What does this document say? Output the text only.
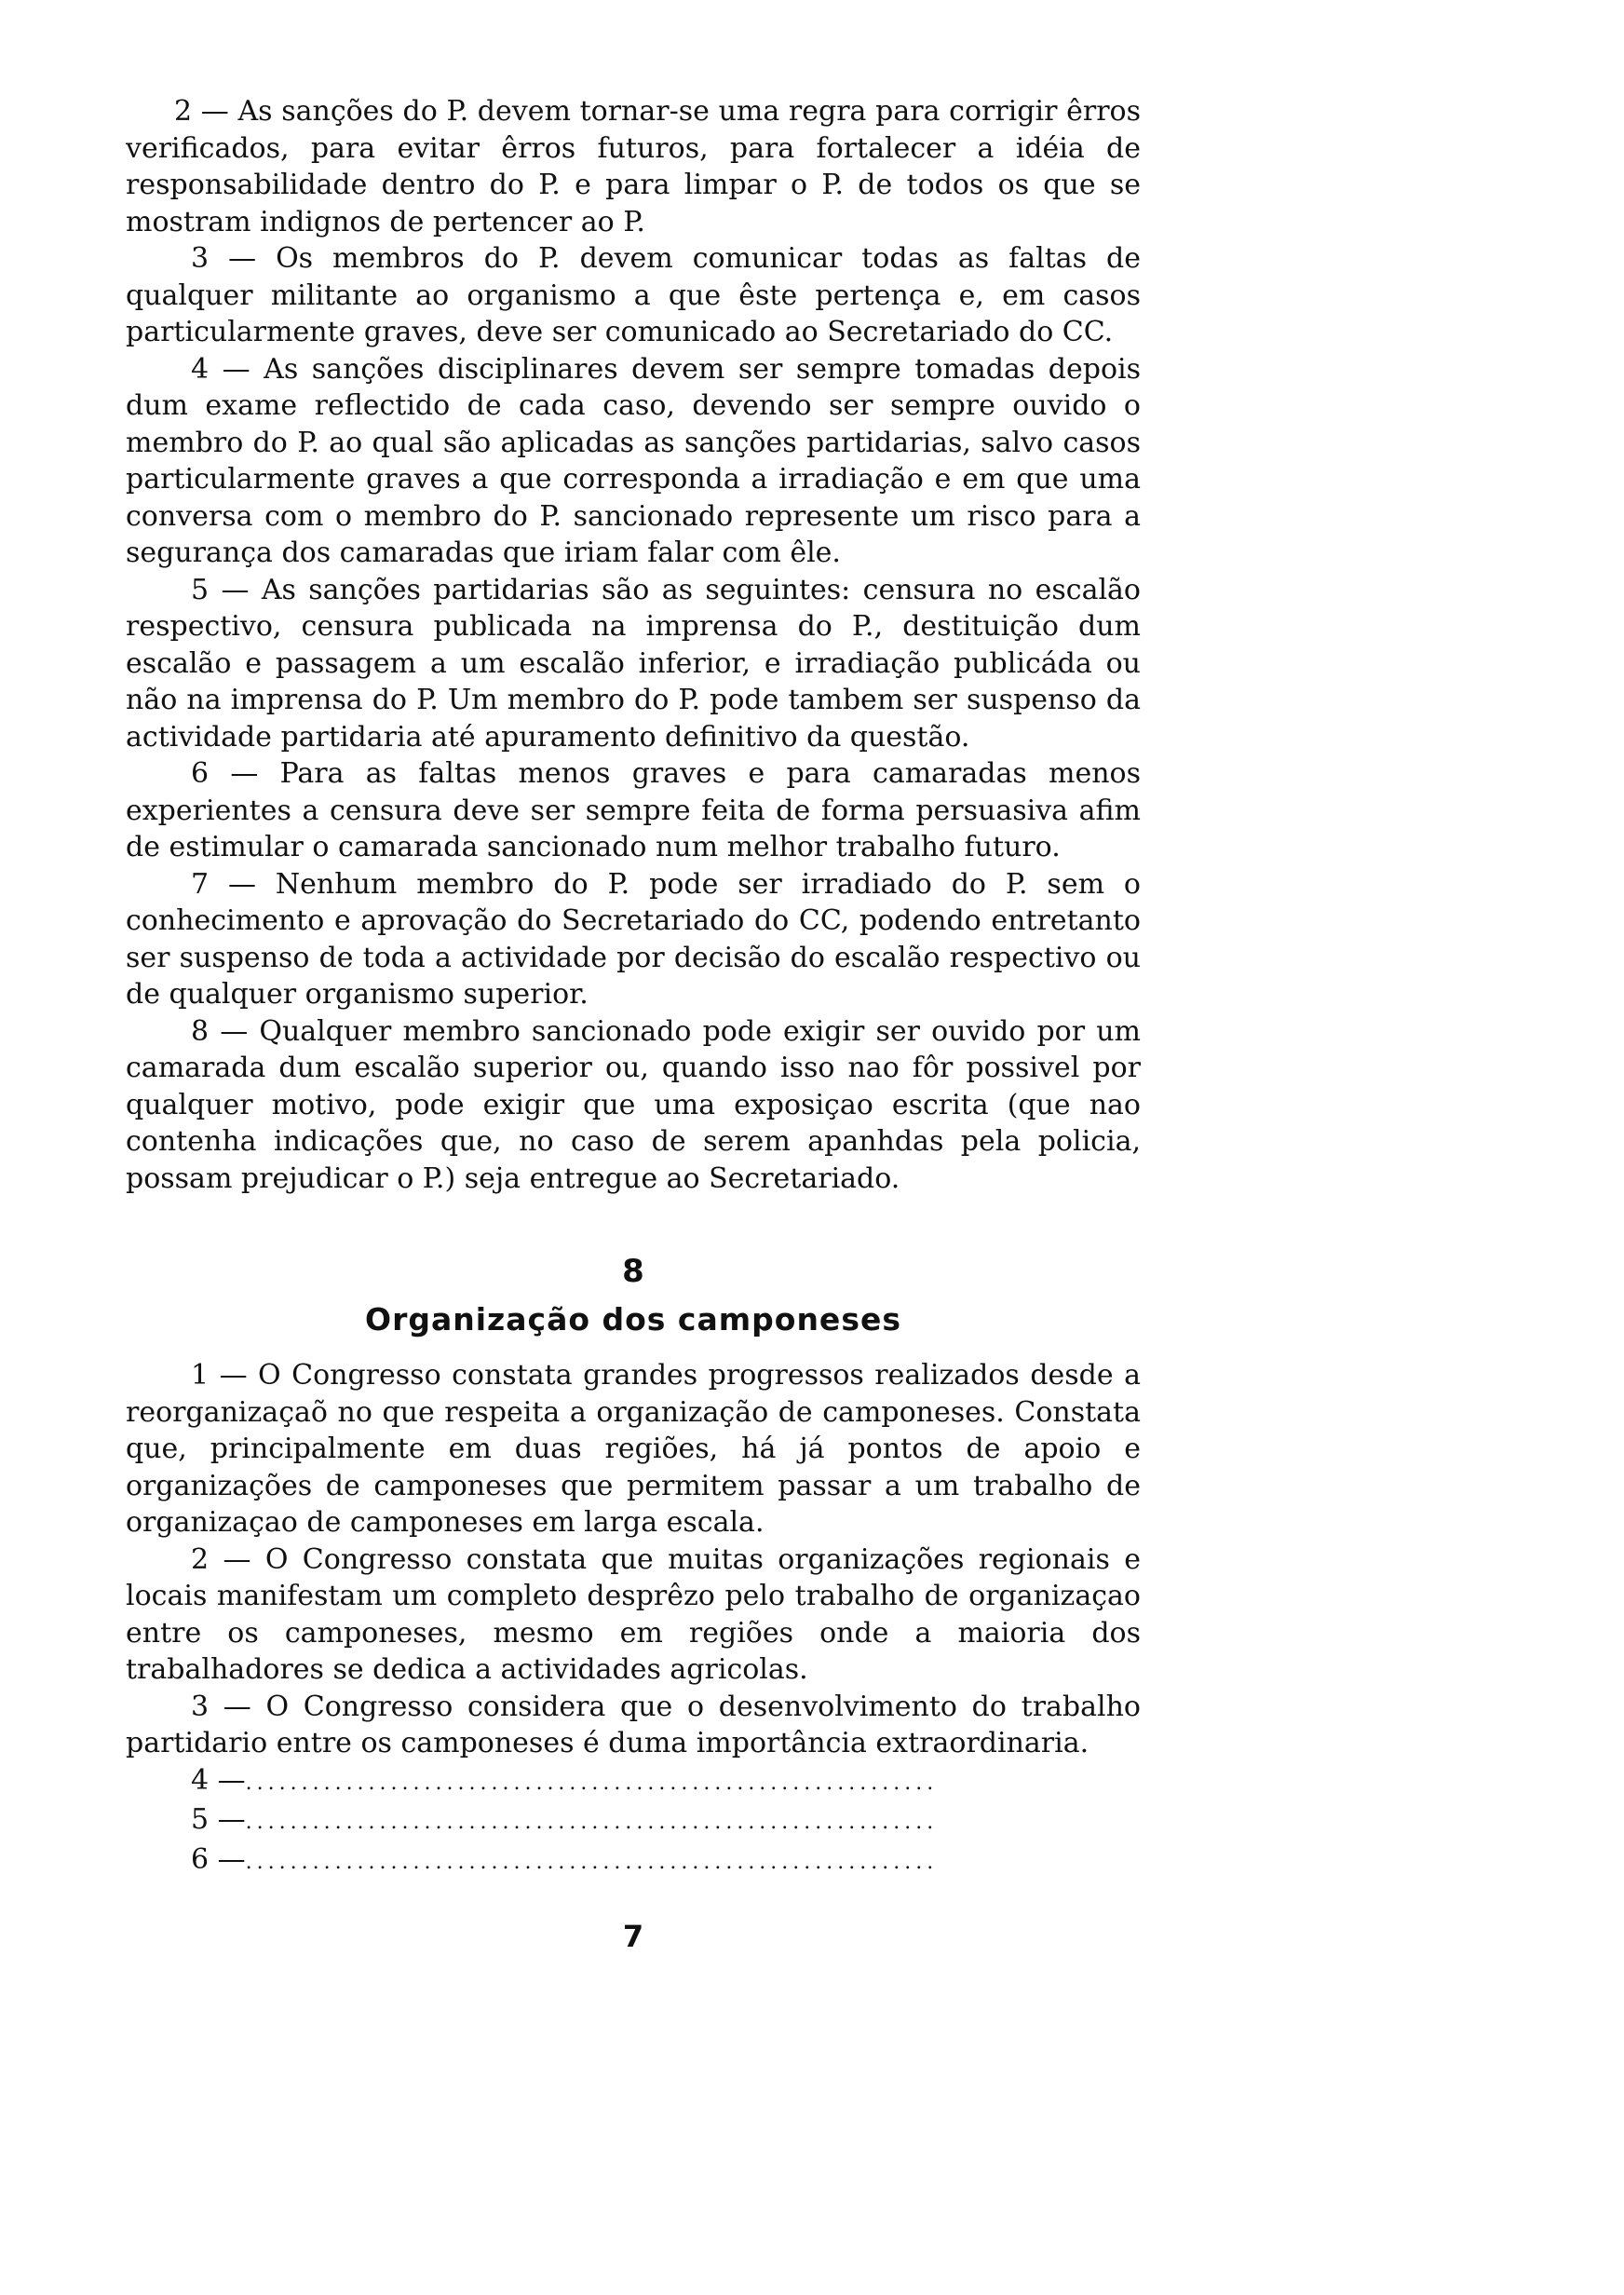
2 — As sanções do P. devem tornar-se uma regra para corrigir êrros verificados, para evitar êrros futuros, para fortalecer a idéia de responsabilidade dentro do P. e para limpar o P. de todos os que se mostram indignos de pertencer ao P.

3 — Os membros do P. devem comunicar todas as faltas de qualquer militante ao organismo a que êste pertença e, em casos particularmente graves, deve ser comunicado ao Secretariado do CC.

4 — As sanções disciplinares devem ser sempre tomadas depois dum exame reflectido de cada caso, devendo ser sempre ouvido o membro do P. ao qual são aplicadas as sanções partidarias, salvo casos particularmente graves a que corresponda a irradiação e em que uma conversa com o membro do P. sancionado represente um risco para a segurança dos camaradas que iriam falar com êle.

5 — As sanções partidarias são as seguintes: censura no escalão respectivo, censura publicada na imprensa do P., destituição dum escalão e passagem a um escalão inferior, e irradiação publicáda ou não na imprensa do P. Um membro do P. pode tambem ser suspenso da actividade partidaria até apuramento definitivo da questão.

6 — Para as faltas menos graves e para camaradas menos experientes a censura deve ser sempre feita de forma persuasiva afim de estimular o camarada sancionado num melhor trabalho futuro.

7 — Nenhum membro do P. pode ser irradiado do P. sem o conhecimento e aprovação do Secretariado do CC, podendo entretanto ser suspenso de toda a actividade por decisão do escalão respectivo ou de qualquer organismo superior.

8 — Qualquer membro sancionado pode exigir ser ouvido por um camarada dum escalão superior ou, quando isso nao fôr possivel por qualquer motivo, pode exigir que uma exposiçao escrita (que nao contenha indicações que, no caso de serem apanhdas pela policia, possam prejudicar o P.) seja entregue ao Secretariado.

8
Organização dos camponeses

1 — O Congresso constata grandes progressos realizados desde a reorganizaçaõ no que respeita a organização de camponeses. Constata que, principalmente em duas regiões, há já pontos de apoio e organizações de camponeses que permitem passar a um trabalho de organizaçao de camponeses em larga escala.

2 — O Congresso constata que muitas organizações regionais e locais manifestam um completo desprêzo pelo trabalho de organizaçao entre os camponeses, mesmo em regiões onde a maioria dos trabalhadores se dedica a actividades agricolas.

3 — O Congresso considera que o desenvolvimento do trabalho partidario entre os camponeses é duma importância extraordinaria.

4 — ..............................................................
5 — ..............................................................
6 — ..............................................................
7
